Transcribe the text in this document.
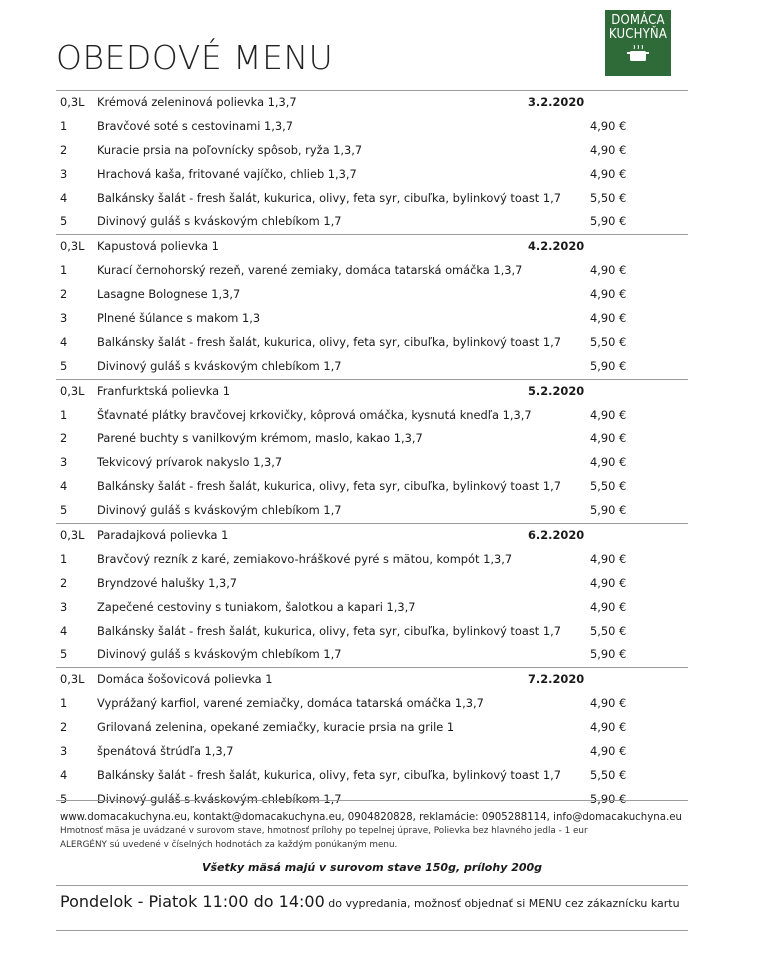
OBEDOVÉ MENU
DOMÁCA
KUCHYŇA
0,3L Krémová zeleninová polievka 1,3,7	3.2.2020
1	Bravčové soté s cestovinami 1,3,7	4,90 €
2	Kuracie prsia na poľovnícky spôsob, ryža 1,3,7	4,90 €
3	Hrachová kaša, fritované vajíčko, chlieb 1,3,7	4,90 €
4	Balkánsky šalát - fresh šalát, kukurica, olivy, feta syr, cibuľka, bylinkový toast 1,7	5,50 €
5	Divinový guláš s kváskovým chlebíkom 1,7	5,90 €
0,3L Kapustová polievka 1	4.2.2020
1	Kurací černohorský rezeň, varené zemiaky, domáca tatarská omáčka 1,3,7	4,90 €
2	Lasagne Bolognese 1,3,7	4,90 €
3	Plnené šúlance s makom 1,3	4,90 €
4	Balkánsky šalát - fresh šalát, kukurica, olivy, feta syr, cibuľka, bylinkový toast 1,7	5,50 €
5	Divinový guláš s kváskovým chlebíkom 1,7	5,90 €
0,3L Franfurktská polievka 1	5.2.2020
1	Šťavnaté plátky bravčovej krkovičky, kôprová omáčka, kysnutá knedľa 1,3,7	4,90 €
2	Parené buchty s vanilkovým krémom, maslo, kakao 1,3,7	4,90 €
3	Tekvicový prívarok nakyslo 1,3,7	4,90 €
4	Balkánsky šalát - fresh šalát, kukurica, olivy, feta syr, cibuľka, bylinkový toast 1,7	5,50 €
5	Divinový guláš s kváskovým chlebíkom 1,7	5,90 €
0,3L Paradajková polievka 1	6.2.2020
1	Bravčový rezník z karé, zemiakovo-hráškové pyré s mätou, kompót 1,3,7	4,90 €
2	Bryndzové halušky 1,3,7	4,90 €
3	Zapečené cestoviny s tuniakom, šalotkou a kapari 1,3,7	4,90 €
4	Balkánsky šalát - fresh šalát, kukurica, olivy, feta syr, cibuľka, bylinkový toast 1,7	5,50 €
5	Divinový guláš s kváskovým chlebíkom 1,7	5,90 €
0,3L Domáca šošovicová polievka 1	7.2.2020
1	Vyprážaný karfiol, varené zemiačky, domáca tatarská omáčka 1,3,7	4,90 €
2	Grilovaná zelenina, opekané zemiačky, kuracie prsia na grile 1	4,90 €
3	špenátová štrúdľa 1,3,7	4,90 €
4	Balkánsky šalát - fresh šalát, kukurica, olivy, feta syr, cibuľka, bylinkový toast 1,7	5,50 €
5	Divinový guláš s kváskovým chlebíkom 1,7	5,90 €
www.domacakuchyna.eu, kontakt@domacakuchyna.eu, 0904820828, reklamácie: 0905288114, info@domacakuchyna.eu
Hmotnosť mäsa je uvádzané v surovom stave, hmotnosť prílohy po tepelnej úprave, Polievka bez hlavného jedla - 1 eur
ALERGÉNY sú uvedené v číselných hodnotách za každým ponúkaným menu.
Všetky mäsá majú v surovom stave 150g, prílohy 200g
Pondelok - Piatok 11:00 do 14:00 do vypredania, možnosť objednať si MENU cez zákaznícku kartu
